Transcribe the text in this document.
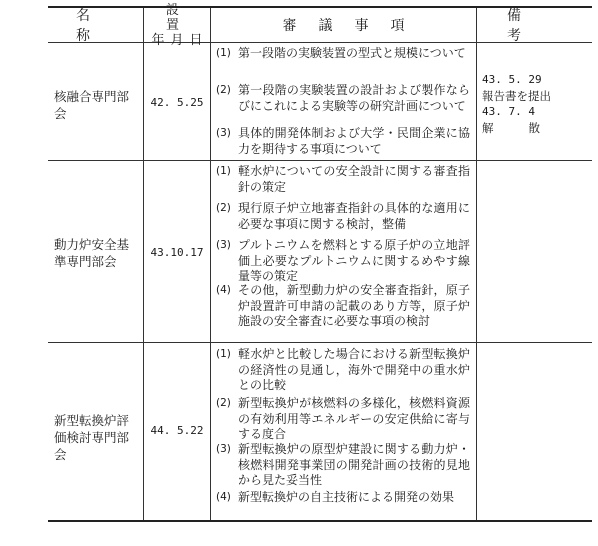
名称
設置
年月日
審議事項
備考
核融合専門部会
42. 5.25
(1) 第一段階の実験装置の型式と規模について
(2) 第一段階の実験装置の設計および製作ならびにこれによる実験等の研究計画について
(3) 具体的開発体制および大学・民間企業に協力を期待する事項について
43. 5. 29
報告書を提出
43. 7. 4
解	散
動力炉安全基準専門部会
43.10.17
(1) 軽水炉についての安全設計に関する審査指針の策定
(2) 現行原子炉立地審査指針の具体的な適用に必要な事項に関する検討，整備
(3) プルトニウムを燃料とする原子炉の立地評価上必要なプルトニウムに関するめやす線量等の策定
(4) その他，新型動力炉の安全審査指針，原子炉設置許可申請の記載のあり方等，原子炉施設の安全審査に必要な事項の検討
新型転換炉評価検討専門部会
44. 5.22
(1) 軽水炉と比較した場合における新型転換炉の経済性の見通し，海外で開発中の重水炉との比較
(2) 新型転換炉が核燃料の多様化，核燃料資源の有効利用等エネルギーの安定供給に寄与する度合
(3) 新型転換炉の原型炉建設に関する動力炉・核燃料開発事業団の開発計画の技術的見地から見た妥当性
(4) 新型転換炉の自主技術による開発の効果
